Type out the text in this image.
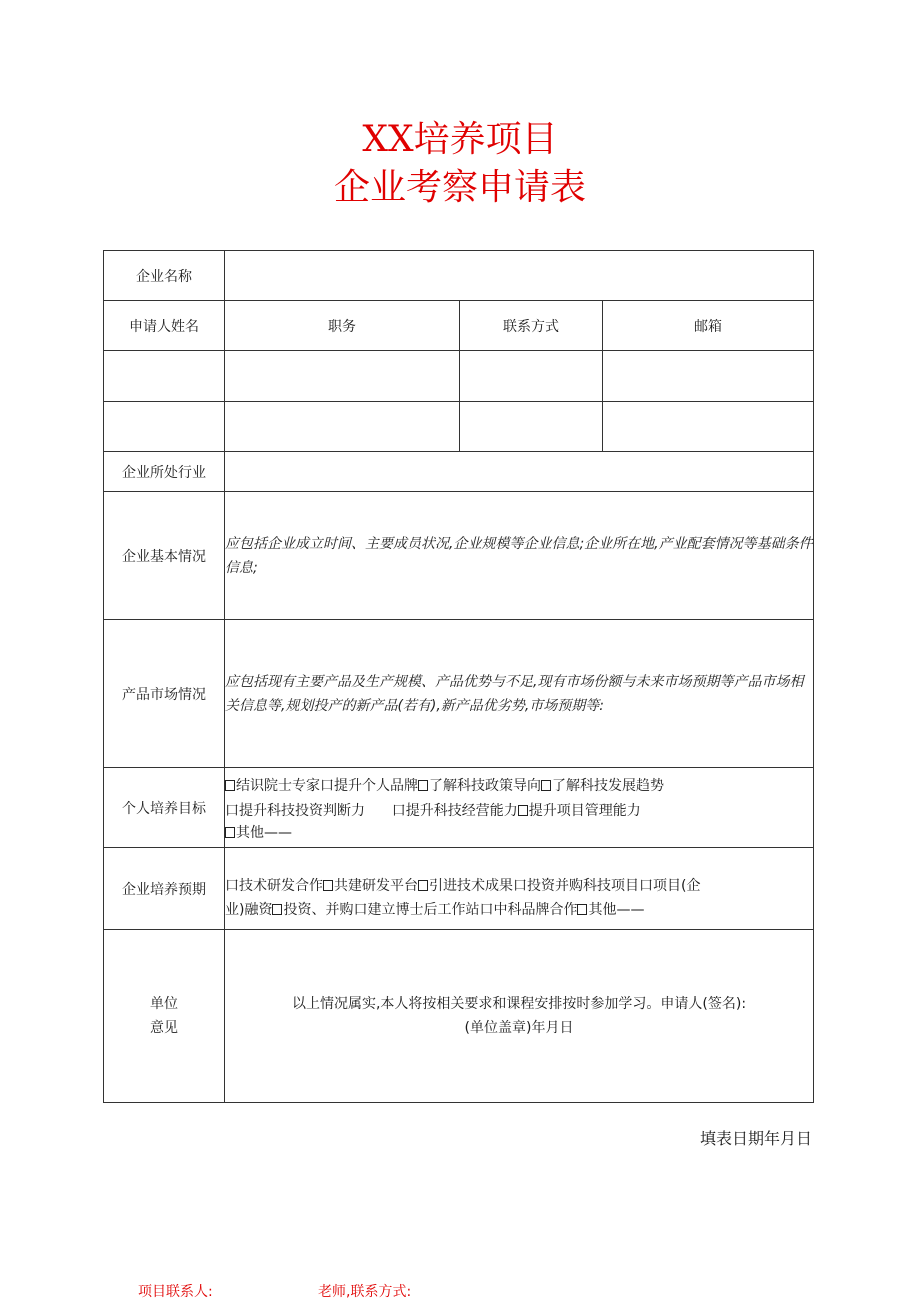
XX培养项目
企业考察申请表
企业名称			
申请人姓名	职务	联系方式	邮箱

企业所处行业			
企业基本情况	应包括企业成立时间、主要成员状况,企业规模等企业信息;企业所在地,产业配套情况等基础条件信息;		
产品市场情况	应包括现有主要产品及生产规模、产品优势与不足,现有市场份额与未来市场预期等产品市场相关信息等,规划投产的新产品(若有),新产品优劣势,市场预期等:		
个人培养目标	结识院士专家口提升个人品牌 了解科技政策导向 了解科技发展趋势
口提升科技投资判断力 口提升科技经营能力 提升项目管理能力
其他——		

企业培养预期	口技术研发合作 共建研发平台 引进技术成果口投资并购科技项目口项目(企
业)融资 投资、并购口建立博士后工作站口中科品牌合作 其他——		

单位
意见	以上情况属实,本人将按相关要求和课程安排按时参加学习。申请人(签名):
(单位盖章)年月日		
填表日期年月日
项目联系人:	老师,联系方式:
